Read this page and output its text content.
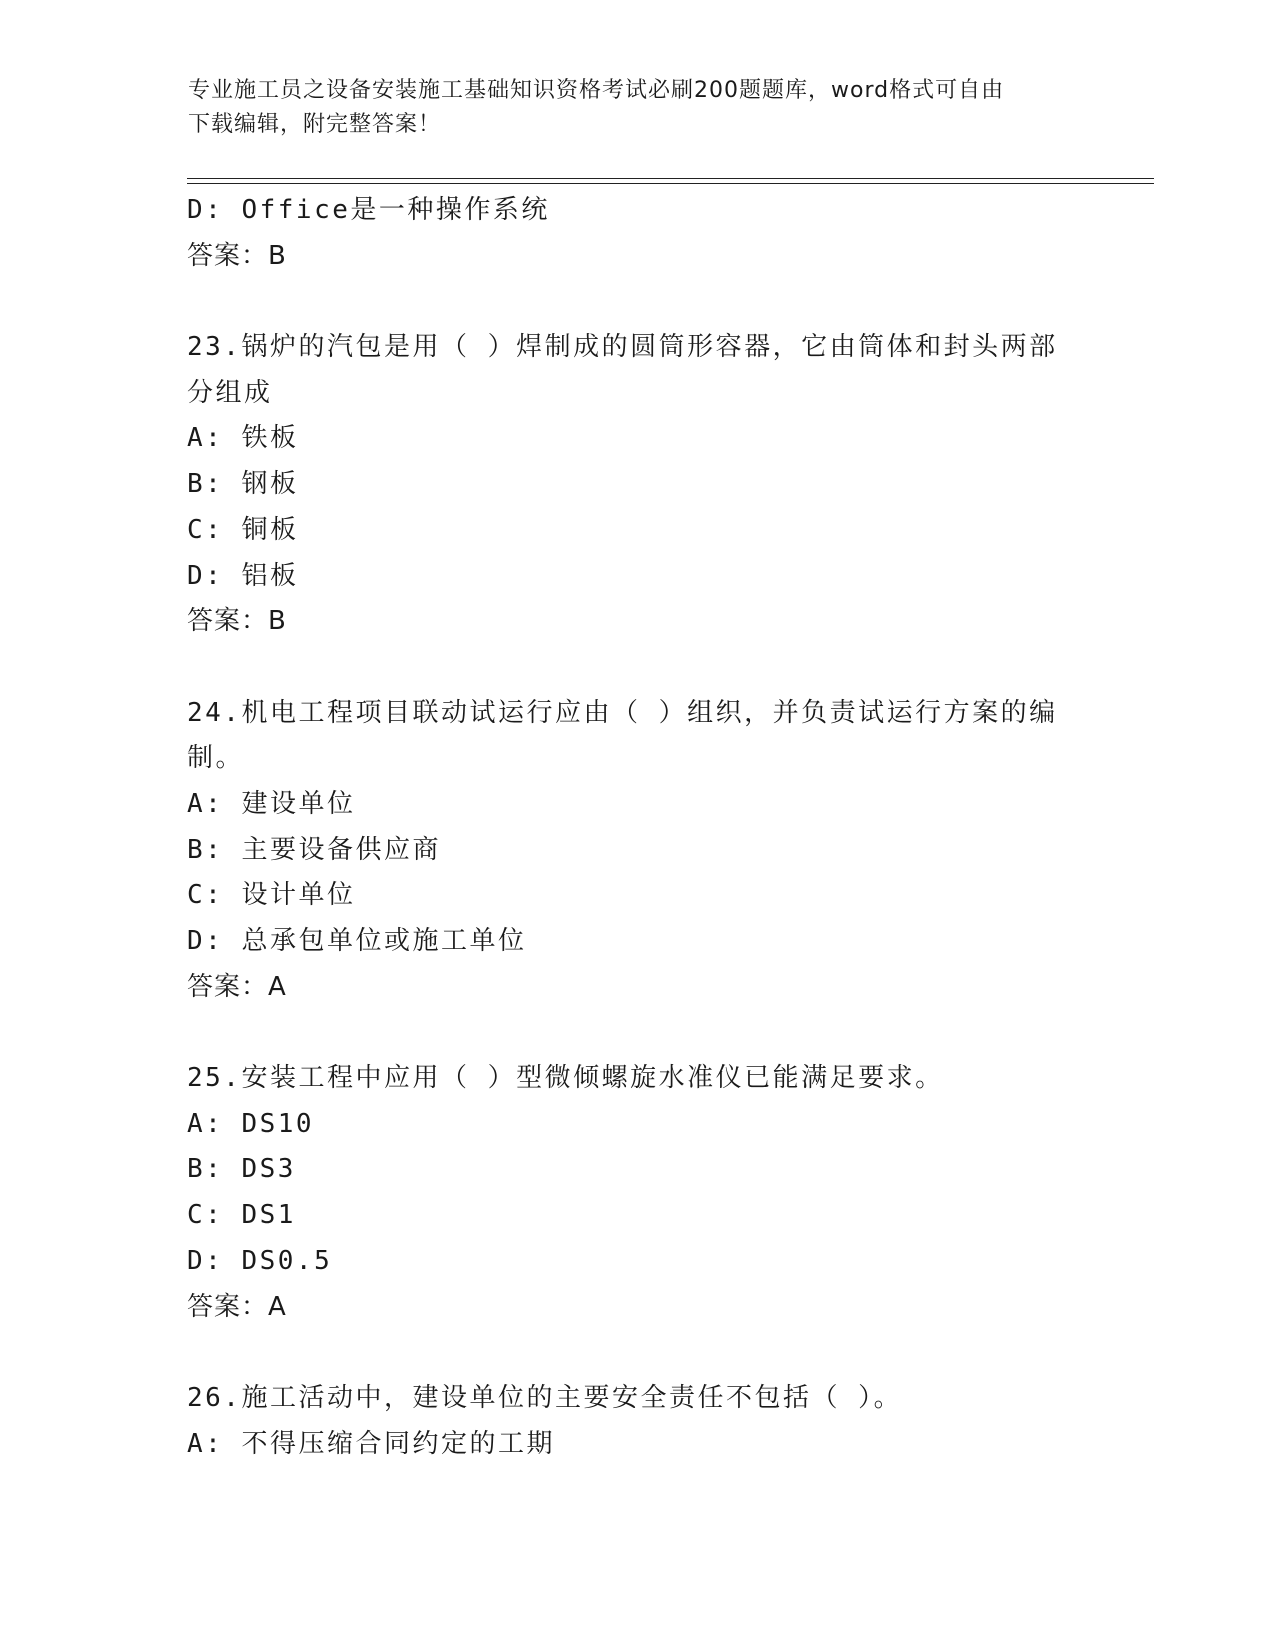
专业施工员之设备安装施工基础知识资格考试必刷200题题库，word格式可自由
下载编辑，附完整答案！
D: Office是一种操作系统
答案：B
23.锅炉的汽包是用（ ）焊制成的圆筒形容器，它由筒体和封头两部
分组成
A: 铁板
B: 钢板
C: 铜板
D: 铝板
答案：B
24.机电工程项目联动试运行应由（ ）组织，并负责试运行方案的编
制。
A: 建设单位
B: 主要设备供应商
C: 设计单位
D: 总承包单位或施工单位
答案：A
25.安装工程中应用（ ）型微倾螺旋水准仪已能满足要求。
A: DS10
B: DS3
C: DS1
D: DS0.5
答案：A
26.施工活动中，建设单位的主要安全责任不包括（ ）。
A: 不得压缩合同约定的工期
